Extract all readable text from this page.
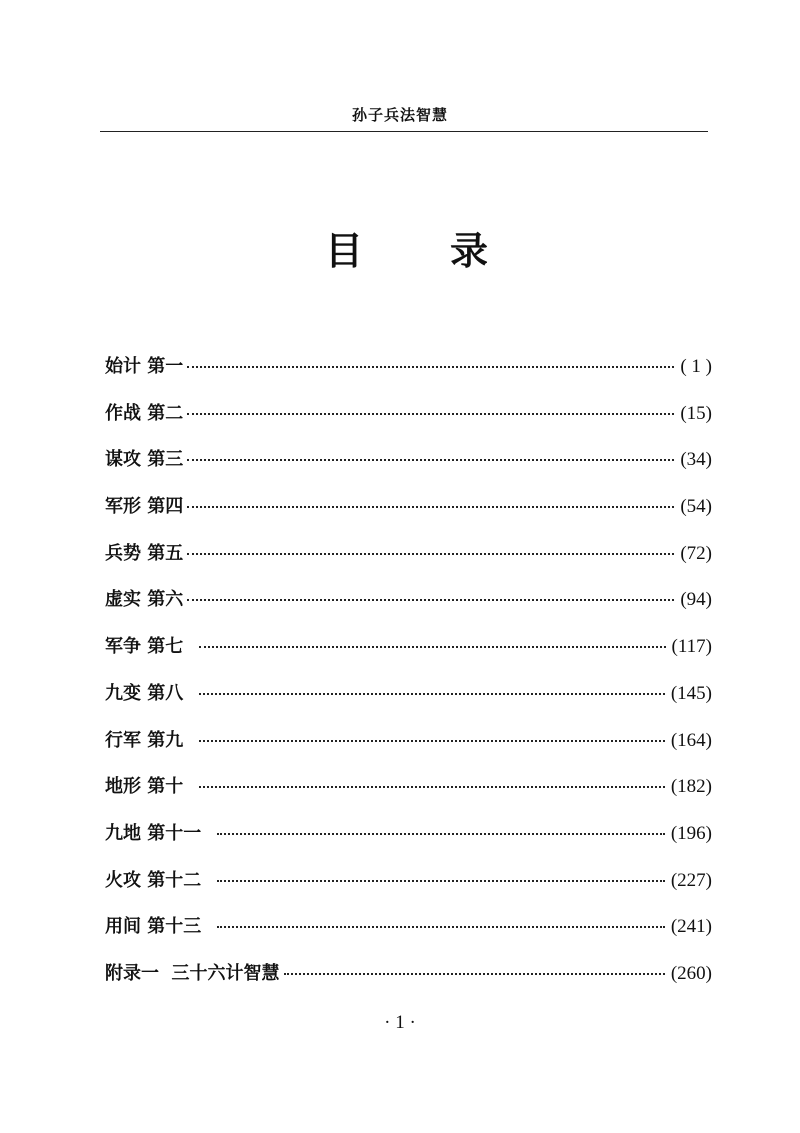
孙子兵法智慧
目 录
始计 第一	( 1 )
作战 第二	(15)
谋攻 第三	(34)
军形 第四	(54)
兵势 第五	(72)
虚实 第六	(94)
军争 第七	(117)
九变 第八	(145)
行军 第九	(164)
地形 第十	(182)
九地 第十一	(196)
火攻 第十二	(227)
用间 第十三	(241)
附录一  三十六计智慧	(260)
· 1 ·
